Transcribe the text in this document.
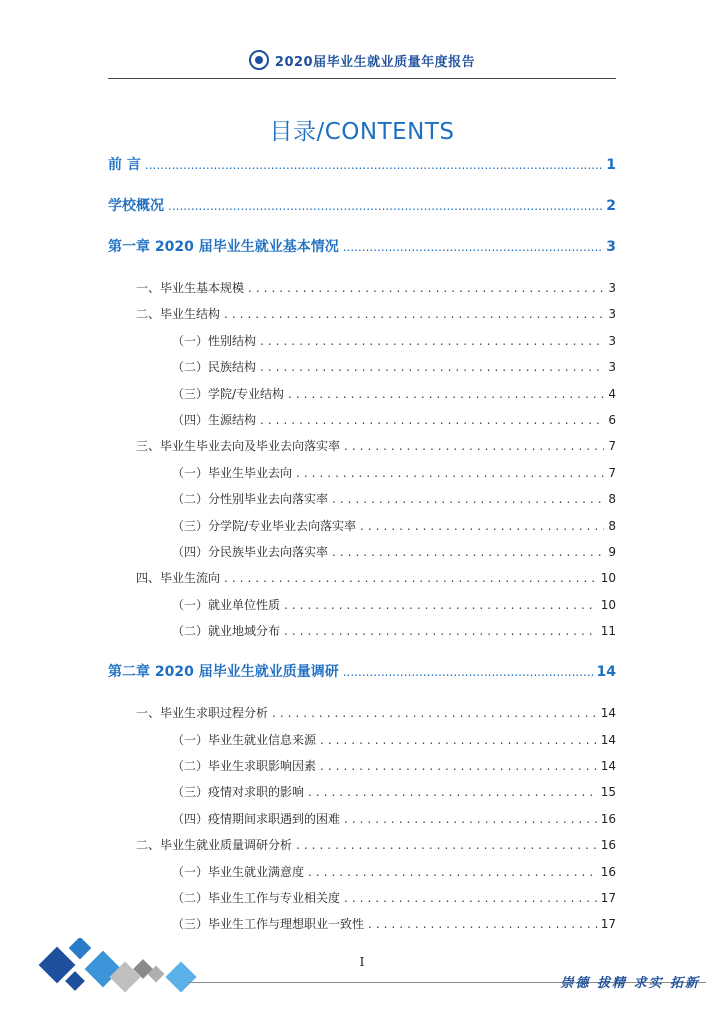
2020届毕业生就业质量年度报告
目录/CONTENTS
前 言 .....	1
学校概况 .....	2
第一章 2020 届毕业生就业基本情况 .....	3
一、毕业生基本规模 .....	3
二、毕业生结构 .....	3
（一）性别结构 .....	3
（二）民族结构 .....	3
（三）学院/专业结构 .....	4
（四）生源结构 .....	6
三、毕业生毕业去向及毕业去向落实率 .....	7
（一）毕业生毕业去向 .....	7
（二）分性别毕业去向落实率 .....	8
（三）分学院/专业毕业去向落实率 .....	8
（四）分民族毕业去向落实率 .....	9
四、毕业生流向 .....	10
（一）就业单位性质 .....	10
（二）就业地域分布 .....	11
第二章 2020 届毕业生就业质量调研 .....	14
一、毕业生求职过程分析 .....	14
（一）毕业生就业信息来源 .....	14
（二）毕业生求职影响因素 .....	14
（三）疫情对求职的影响 .....	15
（四）疫情期间求职遇到的困难 .....	16
二、毕业生就业质量调研分析 .....	16
（一）毕业生就业满意度 .....	16
（二）毕业生工作与专业相关度 .....	17
（三）毕业生工作与理想职业一致性 .....	17
I
崇德 拔精 求实 拓新
